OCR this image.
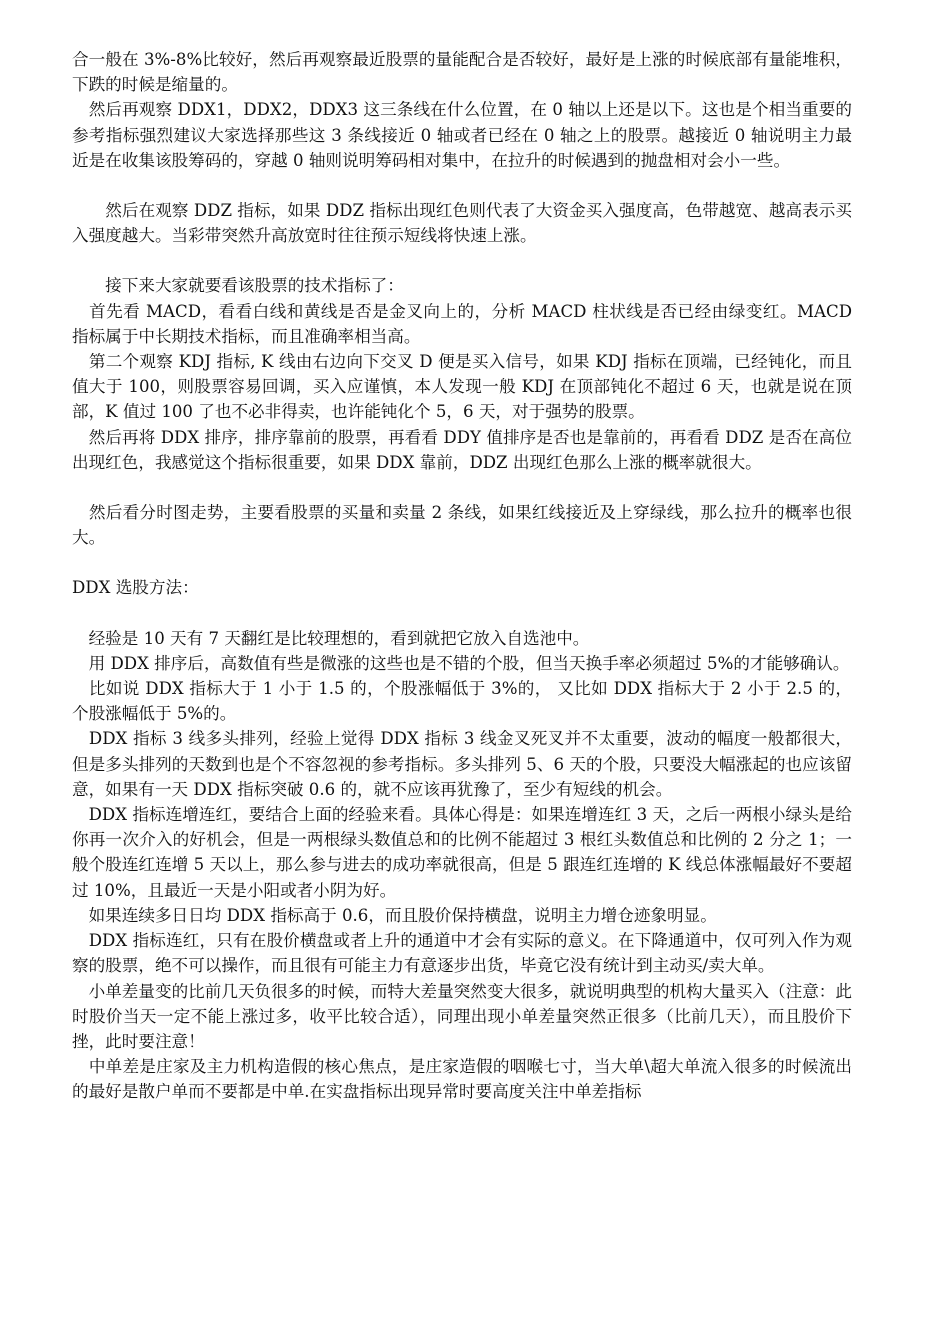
合一般在 3%-8%比较好，然后再观察最近股票的量能配合是否较好，最好是上涨的时候底部有量能堆积，下跌的时候是缩量的。

　然后再观察 DDX1，DDX2，DDX3 这三条线在什么位置，在 0 轴以上还是以下。这也是个相当重要的参考指标强烈建议大家选择那些这 3 条线接近 0 轴或者已经在 0 轴之上的股票。越接近 0 轴说明主力最近是在收集该股筹码的，穿越 0 轴则说明筹码相对集中，在拉升的时候遇到的抛盘相对会小一些。

　　然后在观察 DDZ 指标，如果 DDZ 指标出现红色则代表了大资金买入强度高，色带越宽、越高表示买入强度越大。当彩带突然升高放宽时往往预示短线将快速上涨。

　　接下来大家就要看该股票的技术指标了：

　首先看 MACD，看看白线和黄线是否是金叉向上的，分析 MACD 柱状线是否已经由绿变红。MACD 指标属于中长期技术指标，而且准确率相当高。

　第二个观察 KDJ 指标, K 线由右边向下交叉 D 便是买入信号，如果 KDJ 指标在顶端，已经钝化，而且值大于 100，则股票容易回调，买入应谨慎，本人发现一般 KDJ 在顶部钝化不超过 6 天，也就是说在顶部，K 值过 100 了也不必非得卖，也许能钝化个 5，6 天，对于强势的股票。

　然后再将 DDX 排序，排序靠前的股票，再看看 DDY 值排序是否也是靠前的，再看看 DDZ 是否在高位出现红色，我感觉这个指标很重要，如果 DDX 靠前，DDZ 出现红色那么上涨的概率就很大。

　然后看分时图走势，主要看股票的买量和卖量 2 条线，如果红线接近及上穿绿线，那么拉升的概率也很大。

DDX 选股方法：

　经验是 10 天有 7 天翻红是比较理想的，看到就把它放入自选池中。

　用 DDX 排序后，高数值有些是微涨的这些也是不错的个股，但当天换手率必须超过 5%的才能够确认。

　比如说 DDX 指标大于 1 小于 1.5 的，个股涨幅低于 3%的， 又比如 DDX 指标大于 2 小于 2.5 的，个股涨幅低于 5%的。

　DDX 指标 3 线多头排列，经验上觉得 DDX 指标 3 线金叉死叉并不太重要，波动的幅度一般都很大，但是多头排列的天数到也是个不容忽视的参考指标。多头排列 5、6 天的个股，只要没大幅涨起的也应该留意，如果有一天 DDX 指标突破 0.6 的，就不应该再犹豫了，至少有短线的机会。

　DDX 指标连增连红，要结合上面的经验来看。具体心得是：如果连增连红 3 天，之后一两根小绿头是给你再一次介入的好机会，但是一两根绿头数值总和的比例不能超过 3 根红头数值总和比例的 2 分之 1；一般个股连红连增 5 天以上，那么参与进去的成功率就很高，但是 5 跟连红连增的 K 线总体涨幅最好不要超过 10%，且最近一天是小阳或者小阴为好。

　如果连续多日日均 DDX 指标高于 0.6，而且股价保持横盘，说明主力增仓迹象明显。

　DDX 指标连红，只有在股价横盘或者上升的通道中才会有实际的意义。在下降通道中，仅可列入作为观察的股票，绝不可以操作，而且很有可能主力有意逐步出货，毕竟它没有统计到主动买/卖大单。

　小单差量变的比前几天负很多的时候，而特大差量突然变大很多，就说明典型的机构大量买入（注意：此时股价当天一定不能上涨过多，收平比较合适），同理出现小单差量突然正很多（比前几天），而且股价下挫，此时要注意！

　中单差是庄家及主力机构造假的核心焦点，是庄家造假的咽喉七寸，当大单\超大单流入很多的时候流出的最好是散户单而不要都是中单.在实盘指标出现异常时要高度关注中单差指标
